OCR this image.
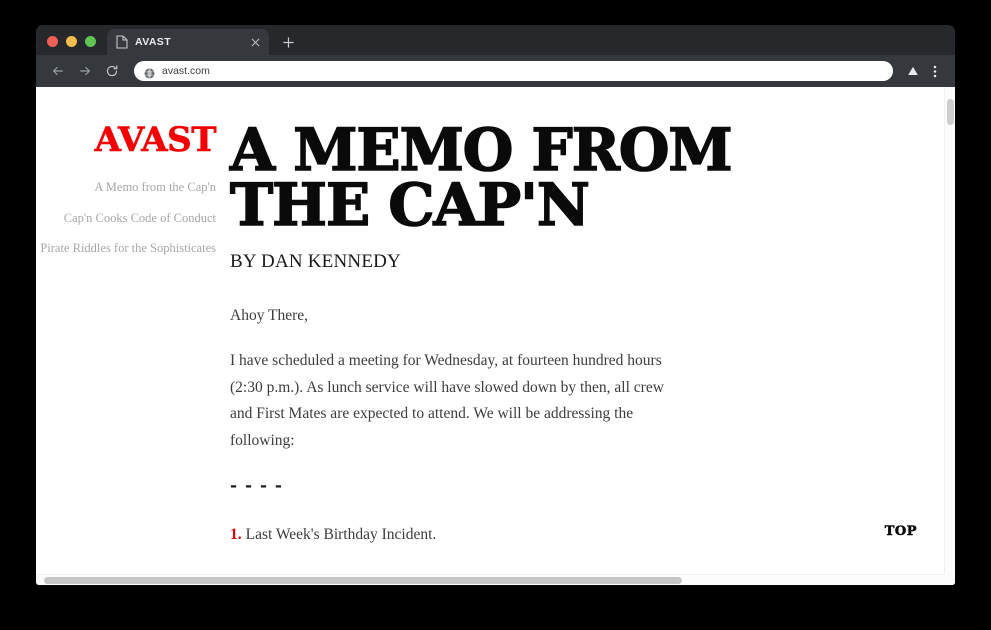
AVAST
avast.com
AVAST
A Memo from the Cap'n
Cap'n Cooks Code of Conduct
Pirate Riddles for the Sophisticates
A MEMO FROM THE CAP'N
BY DAN KENNEDY

Ahoy There,

I have scheduled a meeting for Wednesday, at fourteen hundred hours (2:30 p.m.). As lunch service will have slowed down by then, all crew and First Mates are expected to attend. We will be addressing the following:

- - - -
1. Last Week's Birthday Incident.	TOP
